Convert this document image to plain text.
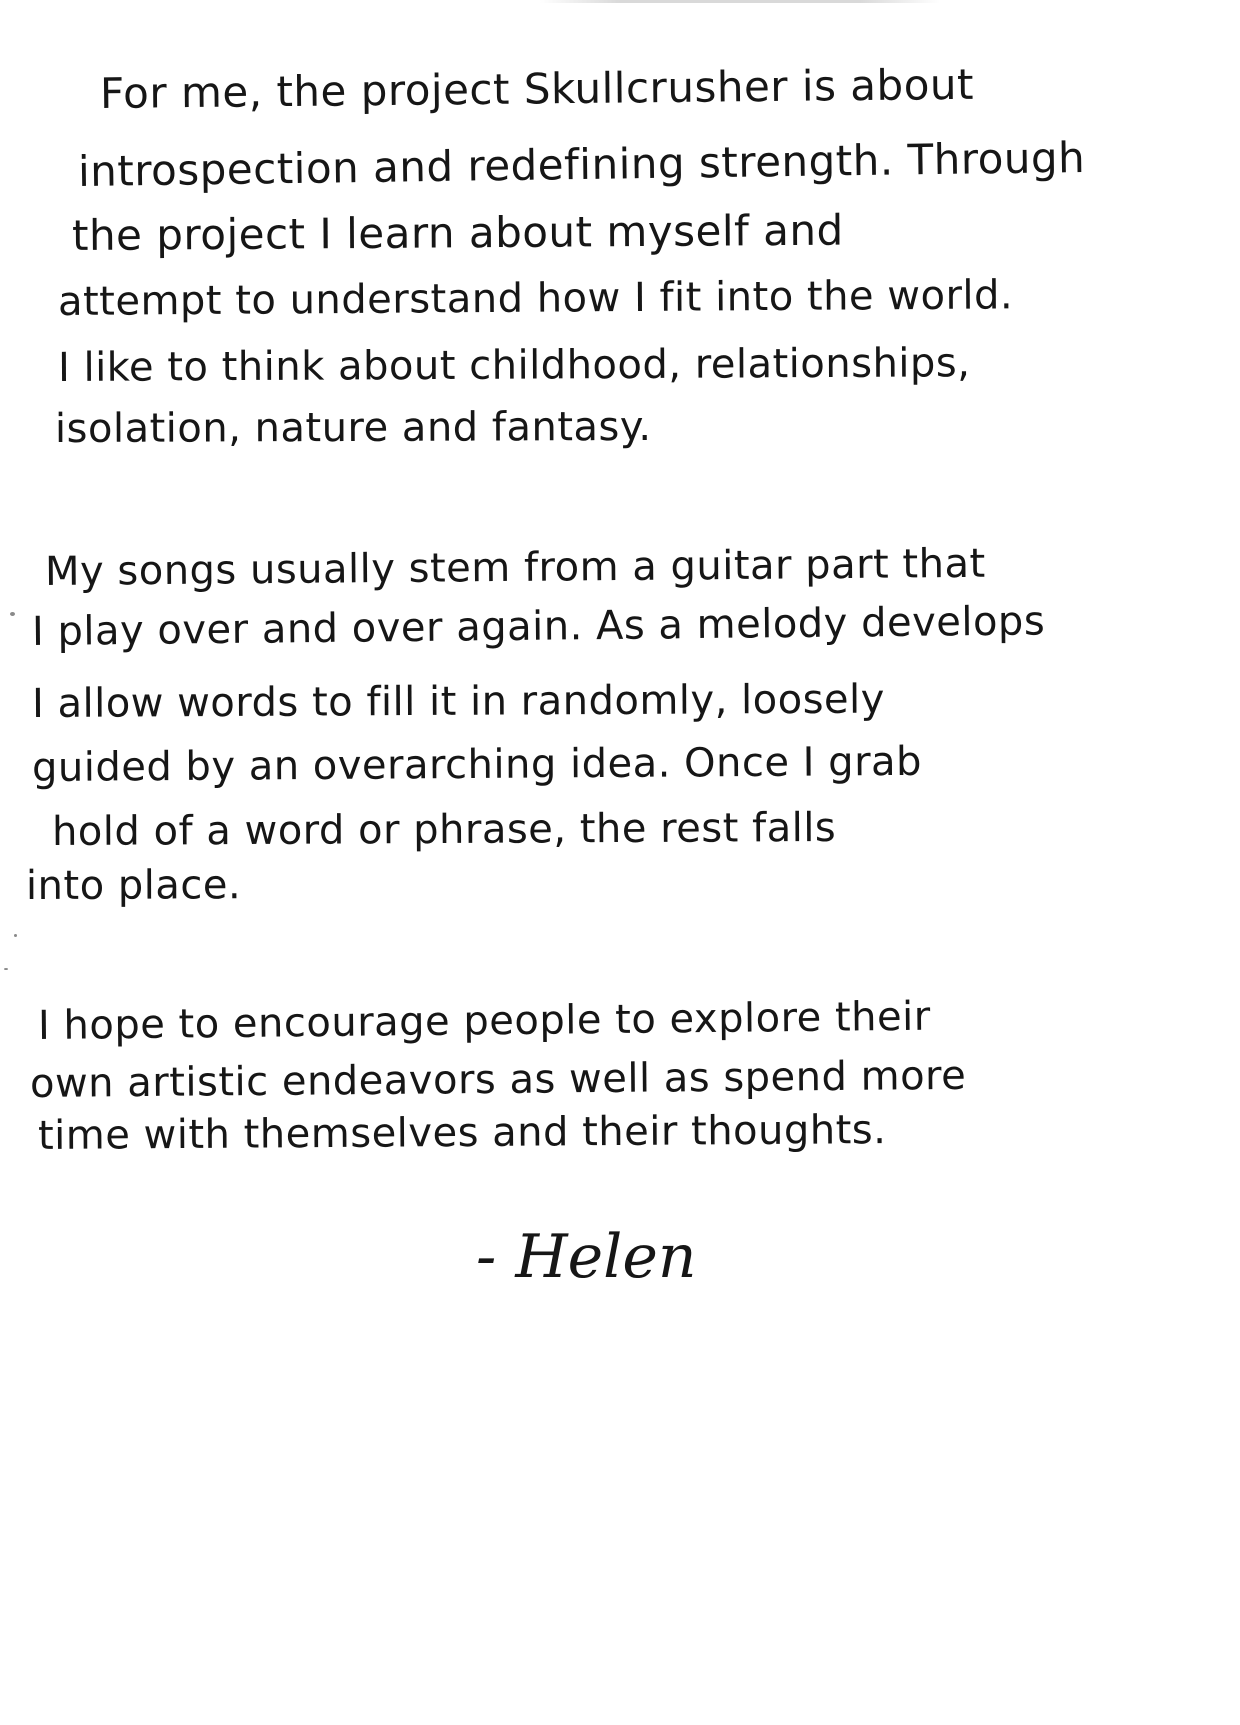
For me, the project Skullcrusher is about
introspection and redefining strength. Through
the project I learn about myself and
attempt to understand how I fit into the world.
I like to think about childhood, relationships,
isolation, nature and fantasy.
My songs usually stem from a guitar part that
I play over and over again. As a melody develops
I allow words to fill it in randomly, loosely
guided by an overarching idea. Once I grab
hold of a word or phrase, the rest falls
into place.
I hope to encourage people to explore their
own artistic endeavors as well as spend more
time with themselves and their thoughts.
- Helen
